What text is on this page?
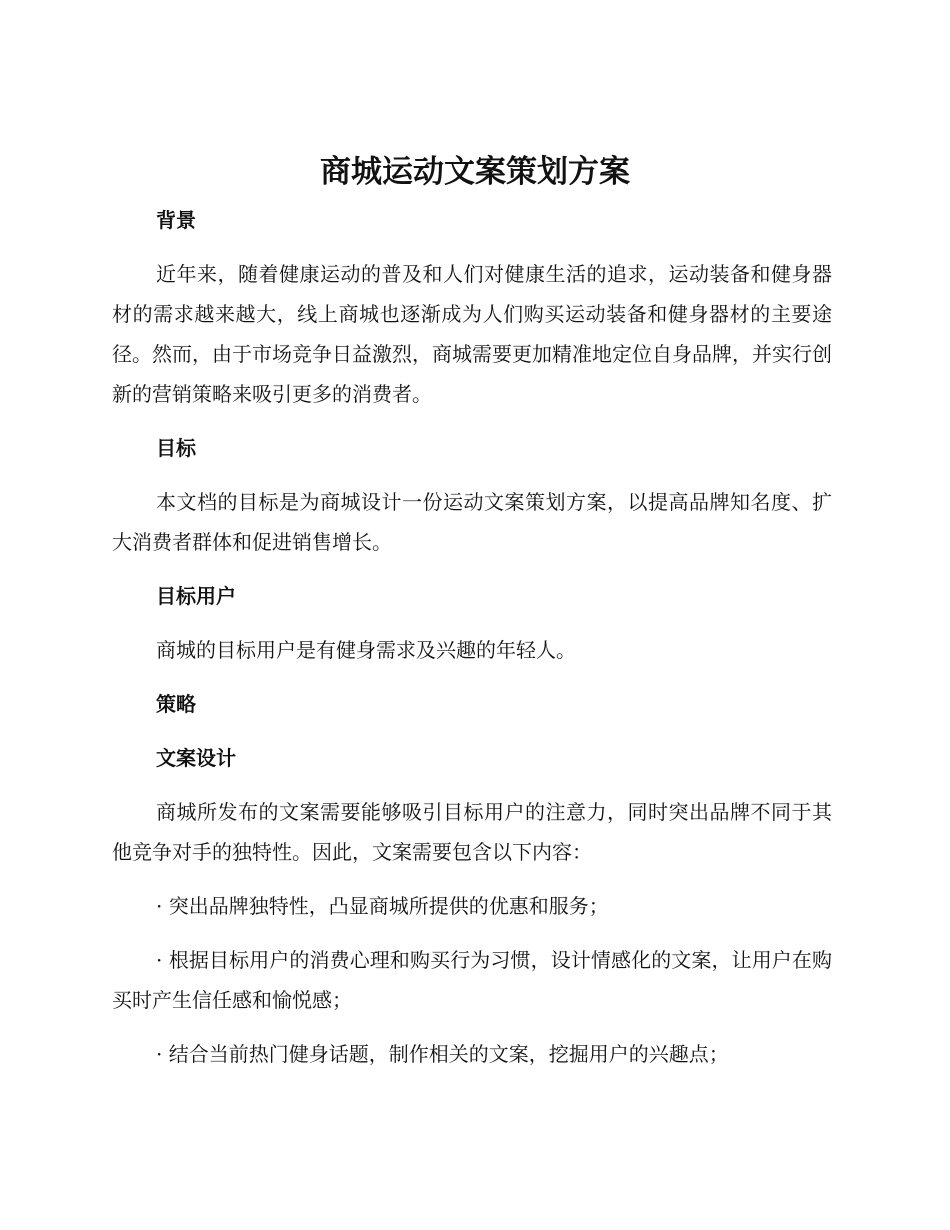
商城运动文案策划方案

背景

近年来，随着健康运动的普及和人们对健康生活的追求，运动装备和健身器材的需求越来越大，线上商城也逐渐成为人们购买运动装备和健身器材的主要途径。然而，由于市场竞争日益激烈，商城需要更加精准地定位自身品牌，并实行创新的营销策略来吸引更多的消费者。

目标

本文档的目标是为商城设计一份运动文案策划方案，以提高品牌知名度、扩大消费者群体和促进销售增长。

目标用户

商城的目标用户是有健身需求及兴趣的年轻人。

策略

文案设计

商城所发布的文案需要能够吸引目标用户的注意力，同时突出品牌不同于其他竞争对手的独特性。因此，文案需要包含以下内容：

· 突出品牌独特性，凸显商城所提供的优惠和服务；

· 根据目标用户的消费心理和购买行为习惯，设计情感化的文案，让用户在购买时产生信任感和愉悦感；

· 结合当前热门健身话题，制作相关的文案，挖掘用户的兴趣点；
